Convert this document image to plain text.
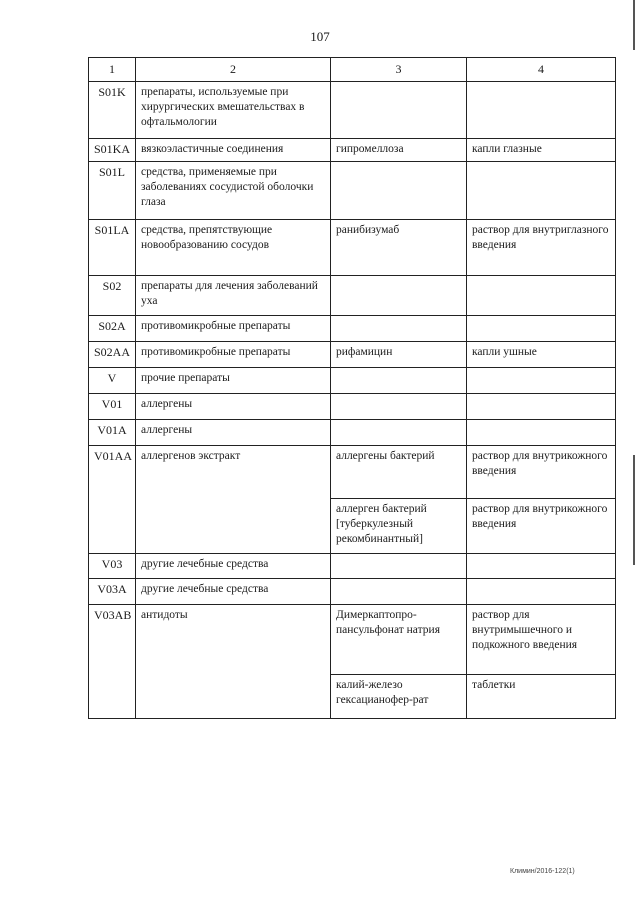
107
1	2	3	4
S01K	препараты, используемые при хирургических вмешательствах в офтальмологии		
S01KA	вязкоэластичные соединения	гипромеллоза	капли глазные
S01L	средства, применяемые при заболеваниях сосудистой оболочки глаза		
S01LA	средства, препятствующие новообразованию сосудов	ранибизумаб	раствор для внутриглазного введения
S02	препараты для лечения заболеваний уха		
S02A	противомикробные препараты		
S02AA	противомикробные препараты	рифамицин	капли ушные
V	прочие препараты		
V01	аллергены		
V01A	аллергены		
V01AA	аллергенов экстракт	аллергены бактерий	раствор для внутрикожного введения
		аллерген бактерий [туберкулезный рекомбинантный]	раствор для внутрикожного введения
V03	другие лечебные средства		
V03A	другие лечебные средства		
V03AB	антидоты	Димеркаптопро-пансульфонат натрия	раствор для внутримышечного и подкожного введения
		калий-железо гексацианофер-рат	таблетки
Климин/2016-122(1)
